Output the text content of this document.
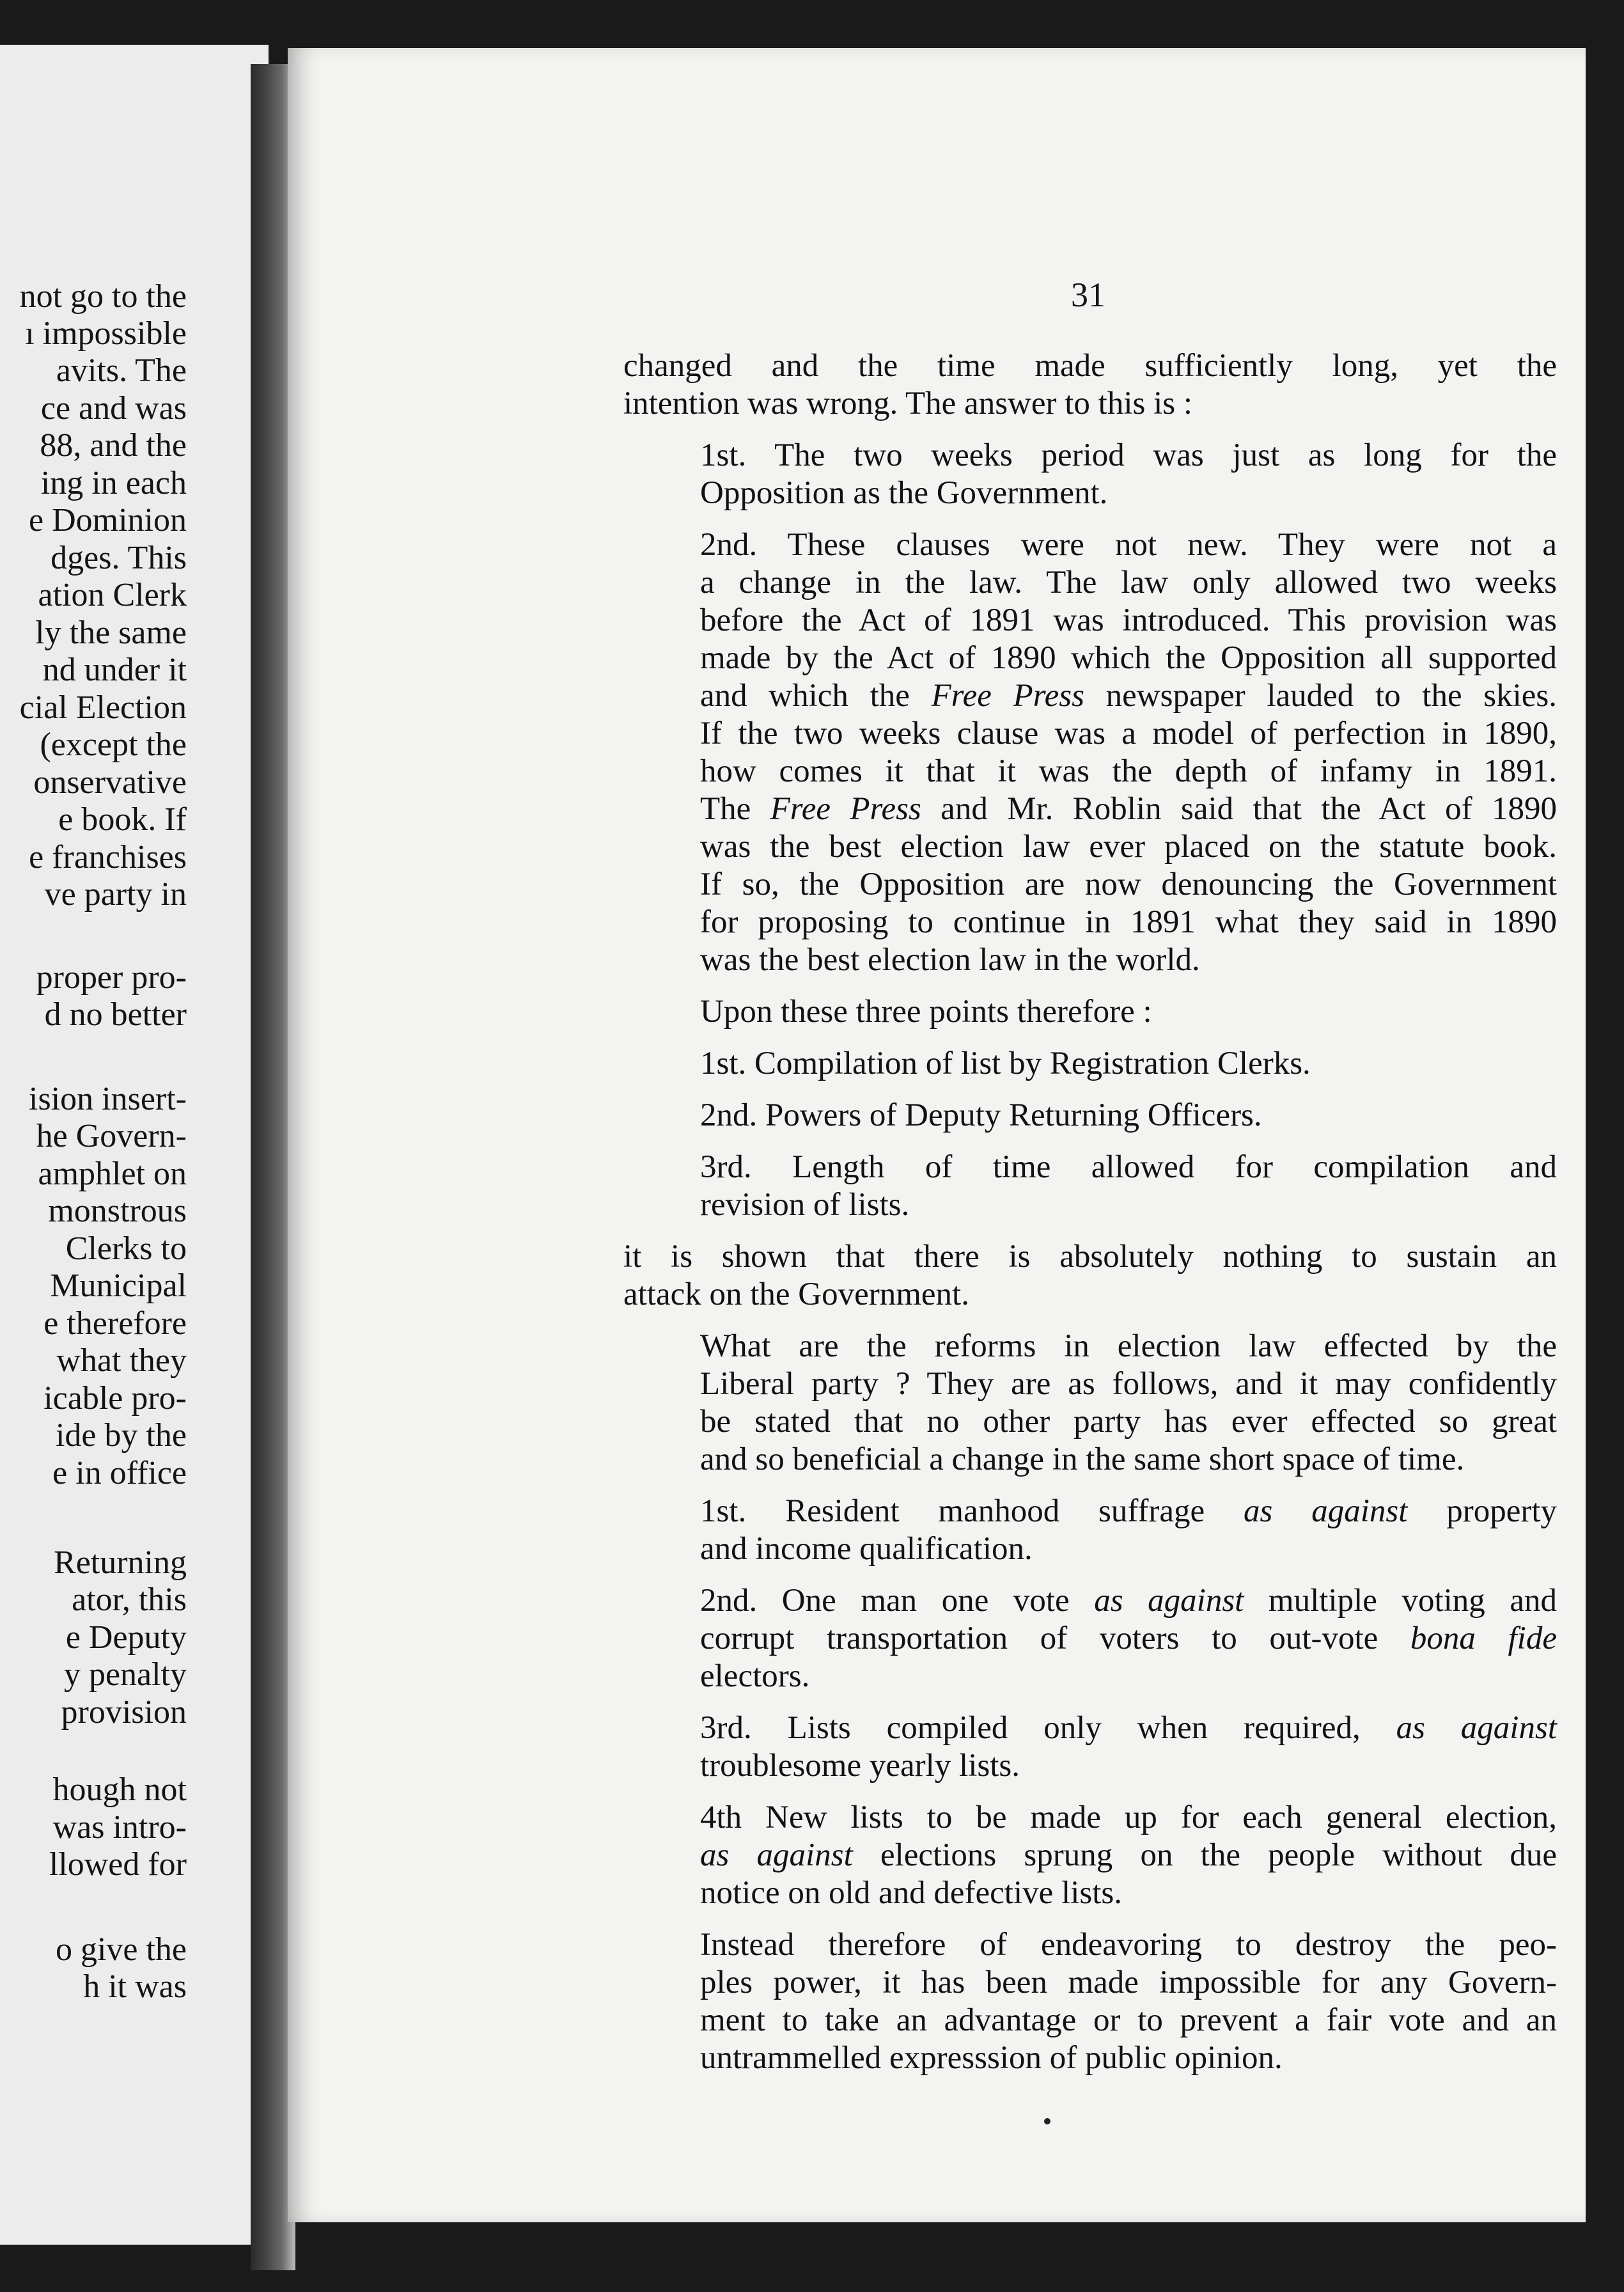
not go to the
ı impossible
avits. The
ce and was
88, and the
ing in each
e Dominion
dges. This
ation Clerk
ly the same
nd under it
cial Election
(except the
onservative
e book. If
e franchises
ve party in
proper pro-
d no better
ision insert-
he Govern-
amphlet on
monstrous
Clerks to
Municipal
e therefore
what they
icable pro-
ide by the
e in office
Returning
ator, this
e Deputy
y penalty
provision
hough not
was intro-
llowed for
o give the
h it was
31
changed and the time made sufficiently long, yet the
intention was wrong. The answer to this is :
1st. The two weeks period was just as long for the
Opposition as the Government.
2nd. These clauses were not new. They were not a
a change in the law. The law only allowed two weeks
before the Act of 1891 was introduced. This provision was
made by the Act of 1890 which the Opposition all supported
and which the Free Press newspaper lauded to the skies.
If the two weeks clause was a model of perfection in 1890,
how comes it that it was the depth of infamy in 1891.
The Free Press and Mr. Roblin said that the Act of 1890
was the best election law ever placed on the statute book.
If so, the Opposition are now denouncing the Government
for proposing to continue in 1891 what they said in 1890
was the best election law in the world.
Upon these three points therefore :
1st. Compilation of list by Registration Clerks.
2nd. Powers of Deputy Returning Officers.
3rd. Length of time allowed for compilation and
revision of lists.
it is shown that there is absolutely nothing to sustain an
attack on the Government.
What are the reforms in election law effected by the
Liberal party ? They are as follows, and it may confidently
be stated that no other party has ever effected so great
and so beneficial a change in the same short space of time.
1st. Resident manhood suffrage as against property
and income qualification.
2nd. One man one vote as against multiple voting and
corrupt transportation of voters to out-vote bona fide
electors.
3rd. Lists compiled only when required, as against
troublesome yearly lists.
4th New lists to be made up for each general election,
as against elections sprung on the people without due
notice on old and defective lists.
Instead therefore of endeavoring to destroy the peo-
ples power, it has been made impossible for any Govern-
ment to take an advantage or to prevent a fair vote and an
untrammelled expresssion of public opinion.
